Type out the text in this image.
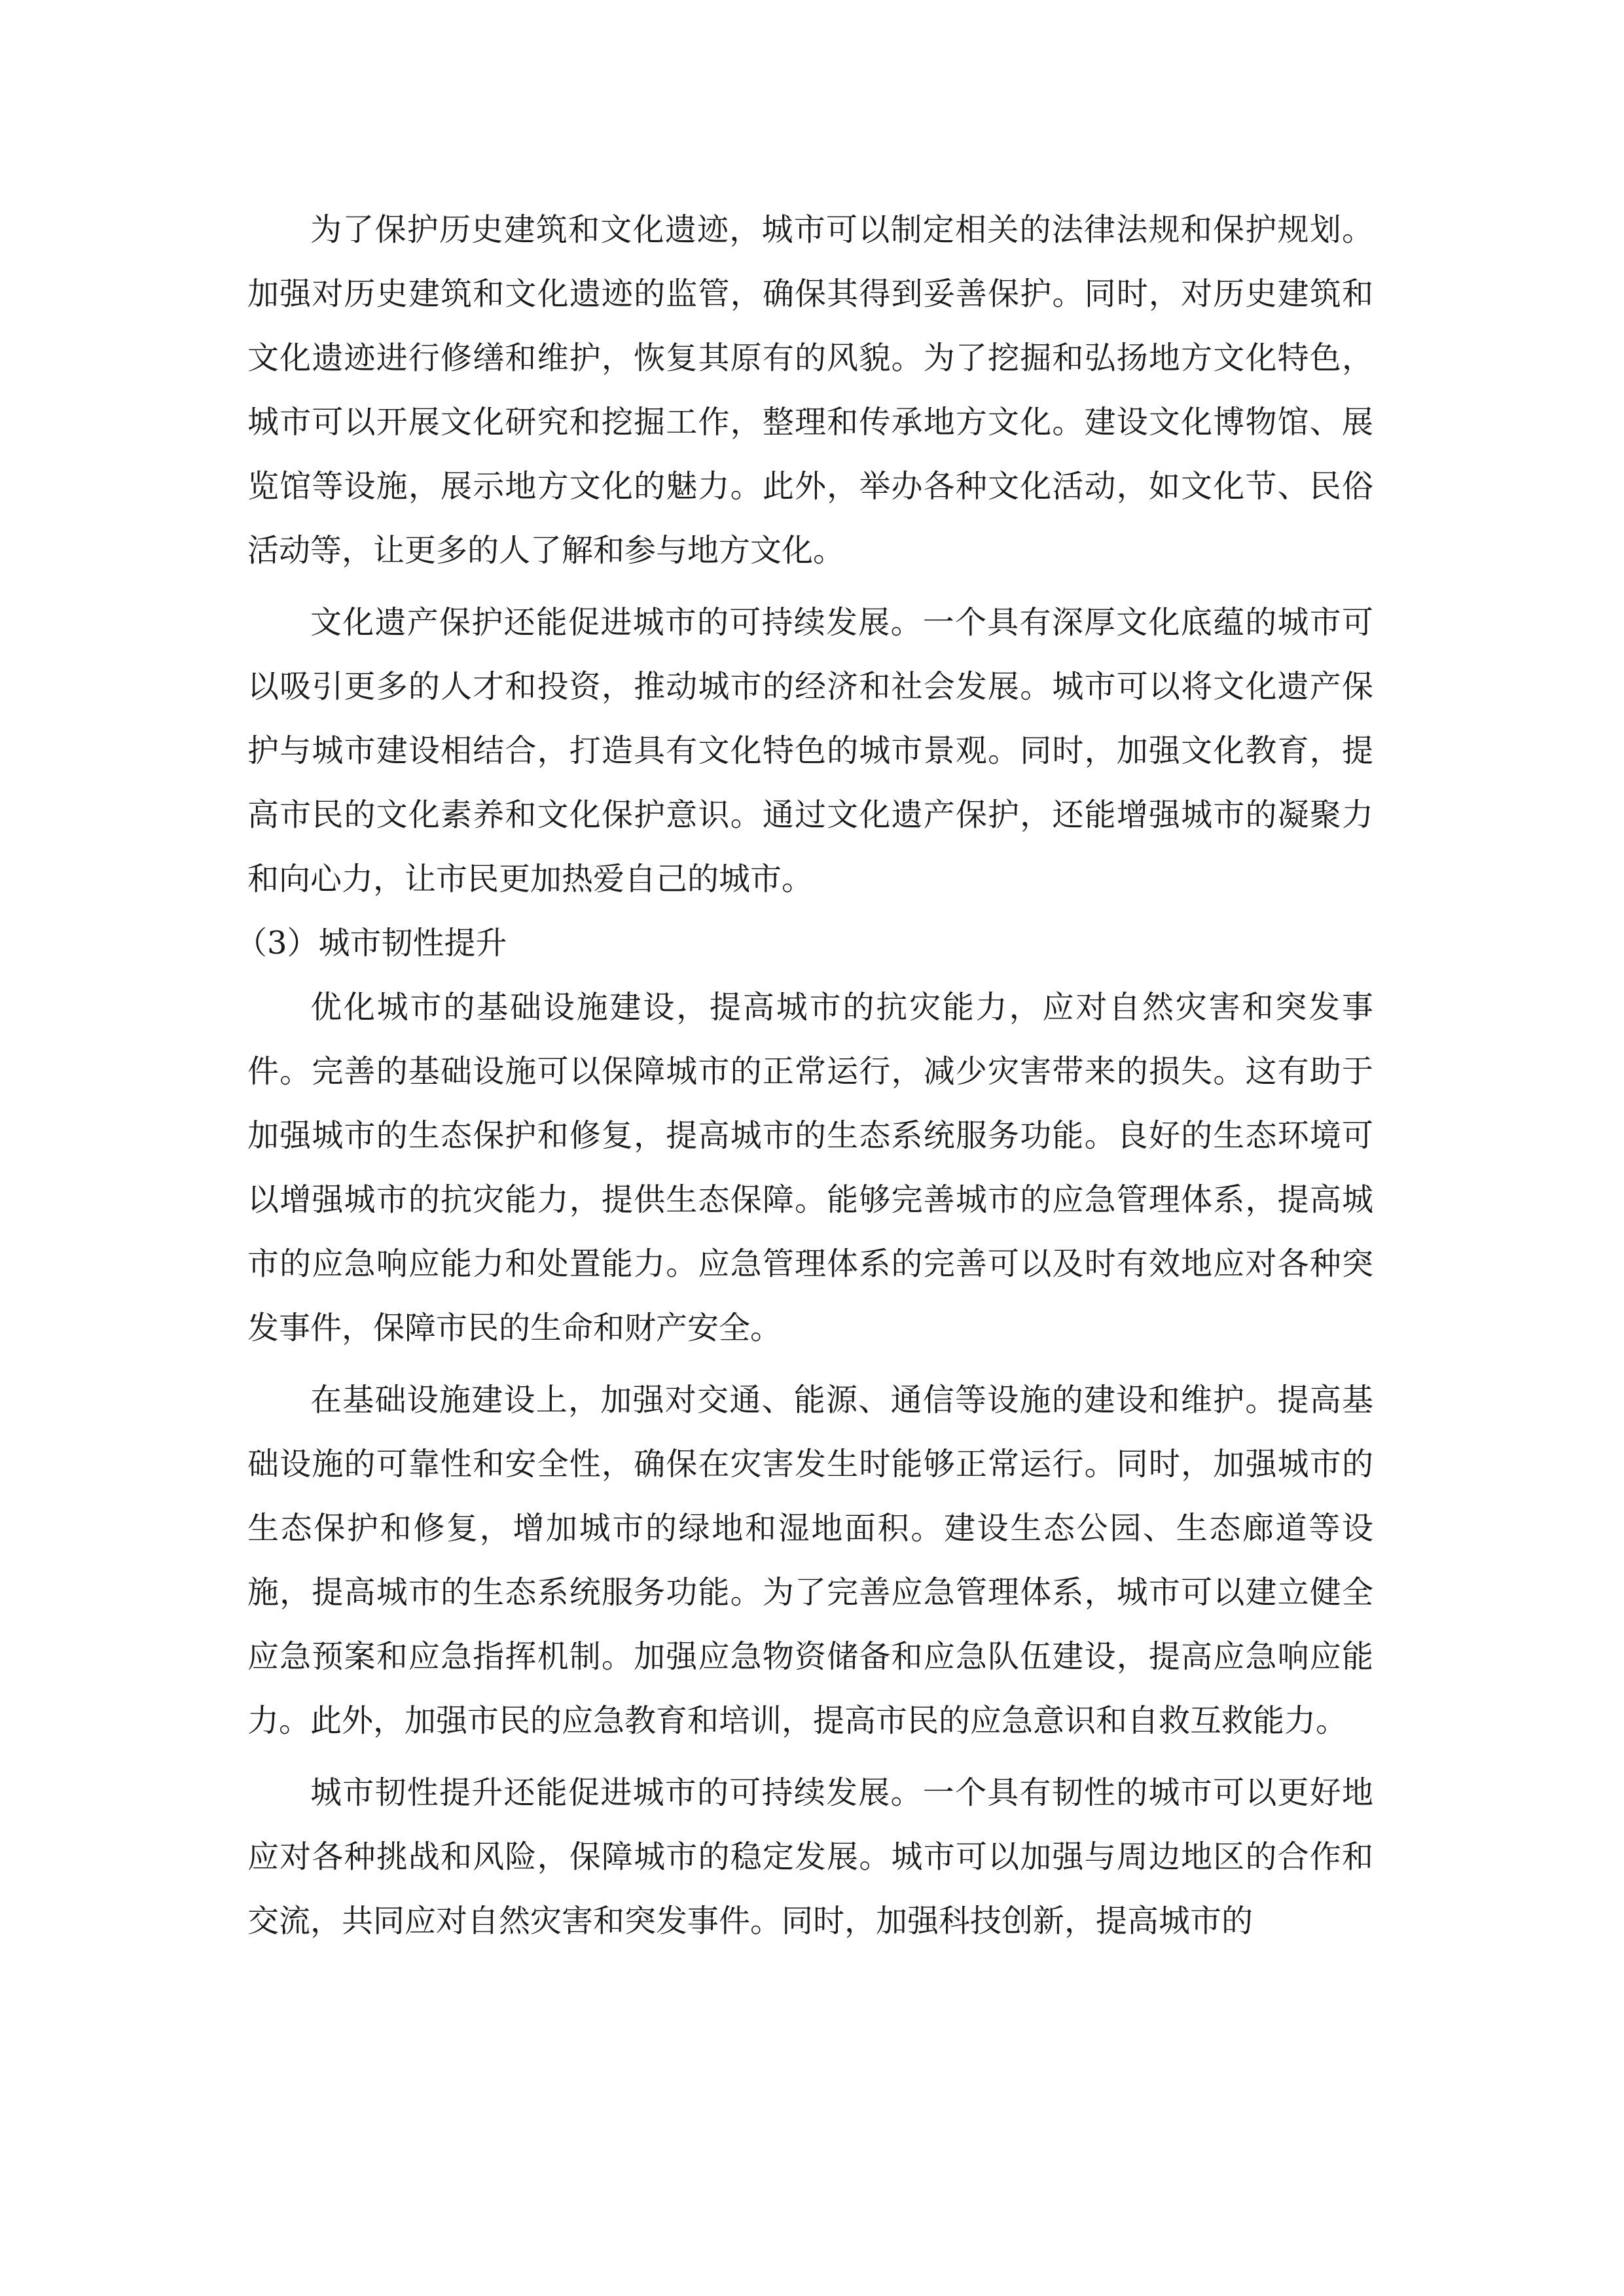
为了保护历史建筑和文化遗迹，城市可以制定相关的法律法规和保护规划。加强对历史建筑和文化遗迹的监管，确保其得到妥善保护。同时，对历史建筑和文化遗迹进行修缮和维护，恢复其原有的风貌。为了挖掘和弘扬地方文化特色，城市可以开展文化研究和挖掘工作，整理和传承地方文化。建设文化博物馆、展览馆等设施，展示地方文化的魅力。此外，举办各种文化活动，如文化节、民俗活动等，让更多的人了解和参与地方文化。

文化遗产保护还能促进城市的可持续发展。一个具有深厚文化底蕴的城市可以吸引更多的人才和投资，推动城市的经济和社会发展。城市可以将文化遗产保护与城市建设相结合，打造具有文化特色的城市景观。同时，加强文化教育，提高市民的文化素养和文化保护意识。通过文化遗产保护，还能增强城市的凝聚力和向心力，让市民更加热爱自己的城市。

（3）城市韧性提升

优化城市的基础设施建设，提高城市的抗灾能力，应对自然灾害和突发事件。完善的基础设施可以保障城市的正常运行，减少灾害带来的损失。这有助于加强城市的生态保护和修复，提高城市的生态系统服务功能。良好的生态环境可以增强城市的抗灾能力，提供生态保障。能够完善城市的应急管理体系，提高城市的应急响应能力和处置能力。应急管理体系的完善可以及时有效地应对各种突发事件，保障市民的生命和财产安全。

在基础设施建设上，加强对交通、能源、通信等设施的建设和维护。提高基础设施的可靠性和安全性，确保在灾害发生时能够正常运行。同时，加强城市的生态保护和修复，增加城市的绿地和湿地面积。建设生态公园、生态廊道等设施，提高城市的生态系统服务功能。为了完善应急管理体系，城市可以建立健全应急预案和应急指挥机制。加强应急物资储备和应急队伍建设，提高应急响应能力。此外，加强市民的应急教育和培训，提高市民的应急意识和自救互救能力。

城市韧性提升还能促进城市的可持续发展。一个具有韧性的城市可以更好地应对各种挑战和风险，保障城市的稳定发展。城市可以加强与周边地区的合作和交流，共同应对自然灾害和突发事件。同时，加强科技创新，提高城市的
